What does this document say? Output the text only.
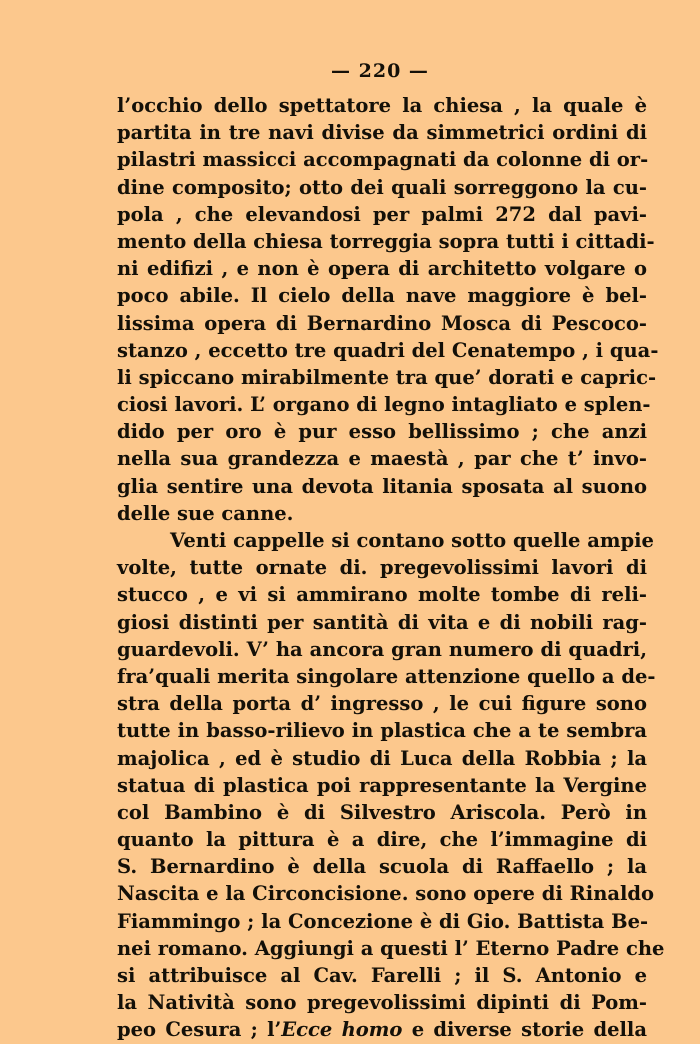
— 220 —
l’occhio dello spettatore la chiesa , la quale è
partita in tre navi divise da simmetrici ordini di
pilastri massicci accompagnati da colonne di or-
dine composito; otto dei quali sorreggono la cu-
pola , che elevandosi per palmi 272 dal pavi-
mento della chiesa torreggia sopra tutti i cittadi-
ni edifizi , e non è opera di architetto volgare o
poco abile. Il cielo della nave maggiore è bel-
lissima opera di Bernardino Mosca di Pescoco-
stanzo , eccetto tre quadri del Cenatempo , i qua-
li spiccano mirabilmente tra que’ dorati e capric-
ciosi lavori. L’ organo di legno intagliato e splen-
dido per oro è pur esso bellissimo ; che anzi
nella sua grandezza e maestà , par che t’ invo-
glia sentire una devota litania sposata al suono
delle sue canne.
Venti cappelle si contano sotto quelle ampie
volte, tutte ornate di. pregevolissimi lavori di
stucco , e vi si ammirano molte tombe di reli-
giosi distinti per santità di vita e di nobili rag-
guardevoli. V’ ha ancora gran numero di quadri,
fra’quali merita singolare attenzione quello a de-
stra della porta d’ ingresso , le cui figure sono
tutte in basso-rilievo in plastica che a te sembra
majolica , ed è studio di Luca della Robbia ; la
statua di plastica poi rappresentante la Vergine
col Bambino è di Silvestro Ariscola. Però in
quanto la pittura è a dire, che l’immagine di
S. Bernardino è della scuola di Raffaello ; la
Nascita e la Circoncisione. sono opere di Rinaldo
Fiammingo ; la Concezione è di Gio. Battista Be-
nei romano. Aggiungi a questi l’ Eterno Padre che
si attribuisce al Cav. Farelli ; il S. Antonio e
la Natività sono pregevolissimi dipinti di Pom-
peo Cesura ; l’Ecce homo e diverse storie della
